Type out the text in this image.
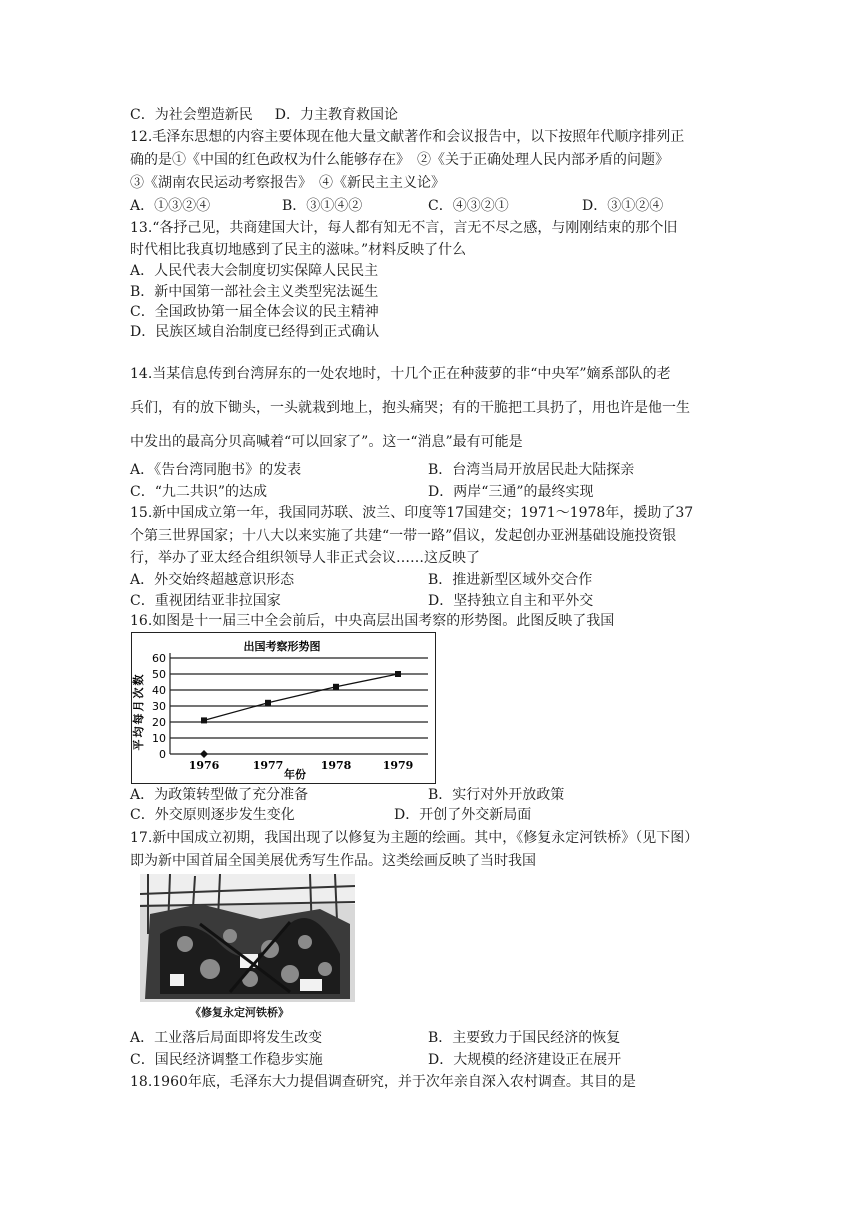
C．为社会塑造新民 D．力主教育救国论
12.毛泽东思想的内容主要体现在他大量文献著作和会议报告中，以下按照年代顺序排列正
确的是①《中国的红色政权为什么能够存在》　②《关于正确处理人民内部矛盾的问题》
③《湖南农民运动考察报告》　④《新民主主义论》
A．①③②④	B．③①④②	C．④③②①	D．③①②④
13.“各抒己见，共商建国大计，每人都有知无不言，言无不尽之感，与刚刚结束的那个旧
时代相比我真切地感到了民主的滋味。”材料反映了什么
A．人民代表大会制度切实保障人民民主
B．新中国第一部社会主义类型宪法诞生
C．全国政协第一届全体会议的民主精神
D．民族区域自治制度已经得到正式确认
14.当某信息传到台湾屏东的一处农地时，十几个正在种菠萝的非“中央军”嫡系部队的老
兵们，有的放下锄头，一头就栽到地上，抱头痛哭；有的干脆把工具扔了，用也许是他一生
中发出的最高分贝高喊着“可以回家了”。这一“消息”最有可能是
A．《告台湾同胞书》的发表	B．台湾当局开放居民赴大陆探亲
C．“九二共识”的达成	D．两岸“三通”的最终实现
15.新中国成立第一年，我国同苏联、波兰、印度等17国建交；1971～1978年，援助了37
个第三世界国家；十八大以来实施了共建“一带一路”倡议，发起创办亚洲基础设施投资银
行，举办了亚太经合组织领导人非正式会议……这反映了
A．外交始终超越意识形态	B．推进新型区域外交合作
C．重视团结亚非拉国家	D．坚持独立自主和平外交
16.如图是十一届三中全会前后，中央高层出国考察的形势图。此图反映了我国
出国考察形势图
0
10
20
30
40
50
60
1976	1977	1978	1979
平
均
每
月
次
数
年份
A．为政策转型做了充分准备	B．实行对外开放政策
C．外交原则逐步发生变化	D．开创了外交新局面
17.新中国成立初期，我国出现了以修复为主题的绘画。其中，《修复永定河铁桥》（见下图）
即为新中国首届全国美展优秀写生作品。这类绘画反映了当时我国
《修复永定河铁桥》
A．工业落后局面即将发生改变	B．主要致力于国民经济的恢复
C．国民经济调整工作稳步实施	D．大规模的经济建设正在展开
18.1960年底，毛泽东大力提倡调查研究，并于次年亲自深入农村调查。其目的是
